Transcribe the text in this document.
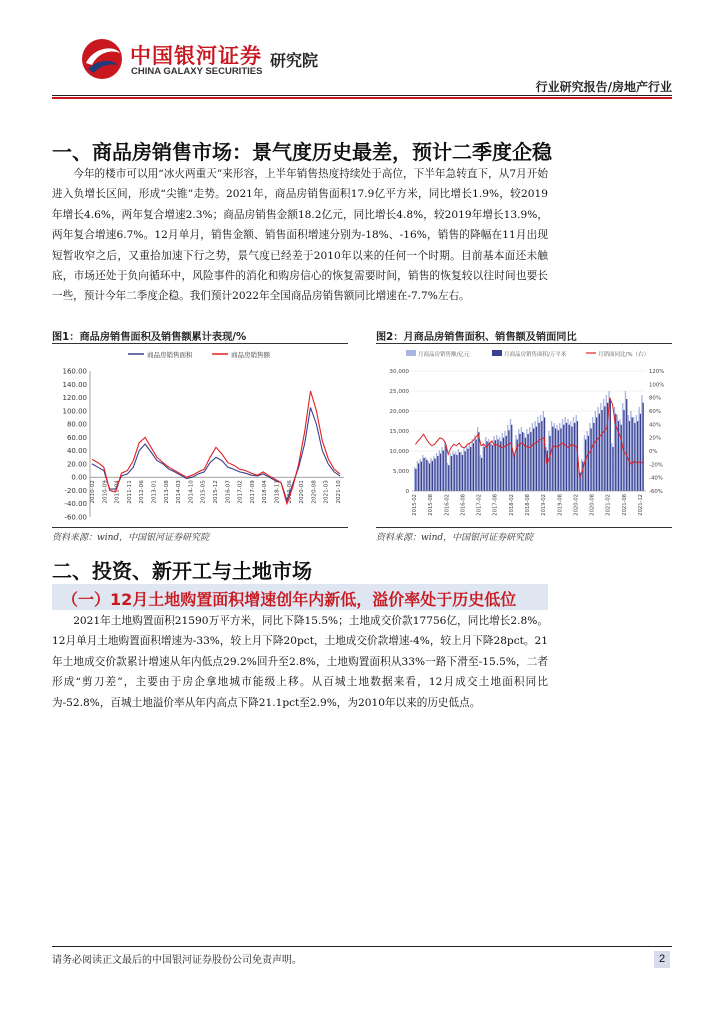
中国银河证券
CHINA GALAXY SECURITIES
研究院
行业研究报告/房地产行业
一、商品房销售市场：景气度历史最差，预计二季度企稳

今年的楼市可以用“冰火两重天”来形容，上半年销售热度持续处于高位，下半年急转直下，从7月开始进入负增长区间，形成“尖锥”走势。2021年，商品房销售面积17.9亿平方米，同比增长1.9%，较2019年增长4.6%，两年复合增速2.3%；商品房销售金额18.2亿元，同比增长4.8%，较2019年增长13.9%，两年复合增速6.7%。12月单月，销售金额、销售面积增速分别为-18%、-16%，销售的降幅在11月出现短暂收窄之后，又重拾加速下行之势，景气度已经差于2010年以来的任何一个时期。目前基本面还未触底，市场还处于负向循环中，风险事件的消化和购房信心的恢复需要时间，销售的恢复较以往时间也要长一些，预计今年二季度企稳。我们预计2022年全国商品房销售额同比增速在-7.7%左右。

图1：商品房销售面积及销售额累计表现/%
商品房销售面积	商品房销售额
160.00
140.00
120.00
100.00
80.00
60.00
40.00
20.00
0.00
-20.00
-40.00
-60.00
2010-02 2010-09 2011-04 2011-11 2012-06 2013-01 2013-08 2014-03 2014-10 2015-05 2015-12 2016-07 2017-02 2017-09 2018-04 2018-11 2019-06 2020-01 2020-08 2021-03 2021-10
资料来源：wind，中国银河证券研究院
图2：月商品房销售面积、销售额及销面同比
月商品房销售额/亿元	月商品房销售面积/万平米	月销面同比/%（右）
30,000
25,000
20,000
15,000
10,000
5,000
0
120%
100%
80%
60%
40%
20%
0%
-20%
-40%
-60%
2015-02 2015-08 2016-02 2016-08 2017-02 2017-08 2018-02 2018-08 2019-02 2019-08 2020-02 2020-08 2021-02 2021-08 2021-12
资料来源：wind，中国银河证券研究院
二、投资、新开工与土地市场
（一）12月土地购置面积增速创年内新低，溢价率处于历史低位

2021年土地购置面积21590万平方米，同比下降15.5%；土地成交价款17756亿，同比增长2.8%。12月单月土地购置面积增速为-33%，较上月下降20pct，土地成交价款增速-4%，较上月下降28pct。21年土地成交价款累计增速从年内低点29.2%回升至2.8%，土地购置面积从33%一路下滑至-15.5%，二者形成“剪刀差”，主要由于房企拿地城市能级上移。从百城土地数据来看，12月成交土地面积同比为-52.8%，百城土地溢价率从年内高点下降21.1pct至2.9%，为2010年以来的历史低点。

请务必阅读正文最后的中国银河证券股份公司免责声明。	2
